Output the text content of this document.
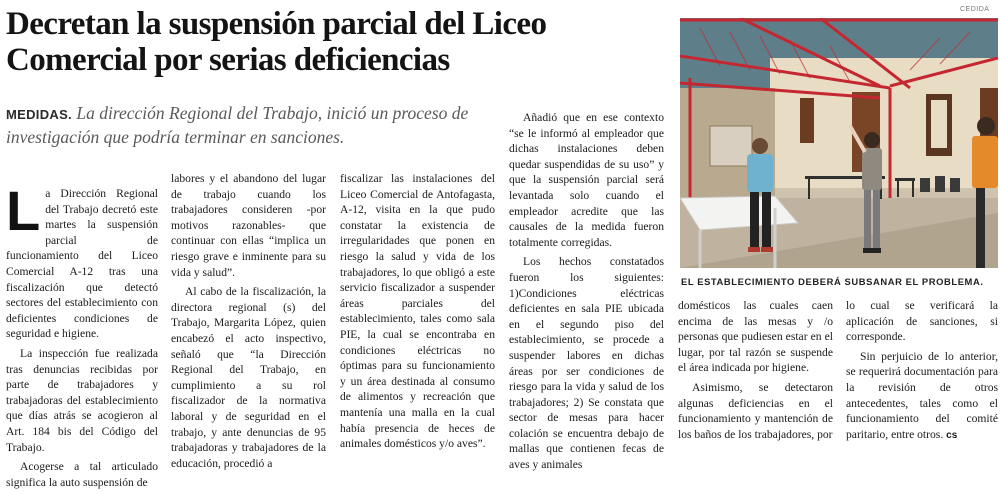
Decretan la suspensión parcial del Liceo Comercial por serias deficiencias

MEDIDAS. La dirección Regional del Trabajo, inició un proceso de investigación que podría terminar en sanciones.

La Dirección Regional del Trabajo decretó este martes la suspensión parcial de funcionamiento del Liceo Comercial A-12 tras una fiscalización que detectó sectores del establecimiento con deficientes condiciones de seguridad e higiene.

La inspección fue realizada tras denuncias recibidas por parte de trabajadores y trabajadoras del establecimiento que días atrás se acogieron al Art. 184 bis del Código del Trabajo.

Acogerse a tal articulado significa la auto suspensión de

labores y el abandono del lugar de trabajo cuando los trabajadores consideren -por motivos razonables- que continuar con ellas “implica un riesgo grave e inminente para su vida y salud”.

Al cabo de la fiscalización, la directora regional (s) del Trabajo, Margarita López, quien encabezó el acto inspectivo, señaló que “la Dirección Regional del Trabajo, en cumplimiento a su rol fiscalizador de la normativa laboral y de seguridad en el trabajo, y ante denuncias de 95 trabajadoras y trabajadores de la educación, procedió a

fiscalizar las instalaciones del Liceo Comercial de Antofagasta, A-12, visita en la que pudo constatar la existencia de irregularidades que ponen en riesgo la salud y vida de los trabajadores, lo que obligó a este servicio fiscalizador a suspender áreas parciales del establecimiento, tales como sala PIE, la cual se encontraba en condiciones eléctricas no óptimas para su funcionamiento y un área destinada al consumo de alimentos y recreación que mantenía una malla en la cual había presencia de heces de animales domésticos y/o aves”.

Añadió que en ese contexto “se le informó al empleador que dichas instalaciones deben quedar suspendidas de su uso” y que la suspensión parcial será levantada solo cuando el empleador acredite que las causales de la medida fueron totalmente corregidas.

Los hechos constatados fueron los siguientes: 1)Condiciones eléctricas deficientes en sala PIE ubicada en el segundo piso del establecimiento, se procede a suspender labores en dichas áreas por ser condiciones de riesgo para la vida y salud de los trabajadores; 2) Se constata que sector de mesas para hacer colación se encuentra debajo de mallas que contienen fecas de aves y animales

domésticos las cuales caen encima de las mesas y /o personas que pudiesen estar en el lugar, por tal razón se suspende el área indicada por higiene.

Asimismo, se detectaron algunas deficiencias en el funcionamiento y mantención de los baños de los trabajadores, por

lo cual se verificará la aplicación de sanciones, si corresponde.

Sin perjuicio de lo anterior, se requerirá documentación para la revisión de otros antecedentes, tales como el funcionamiento del comité paritario, entre otros. cs

CEDIDA
EL ESTABLECIMIENTO DEBERÁ SUBSANAR EL PROBLEMA.
